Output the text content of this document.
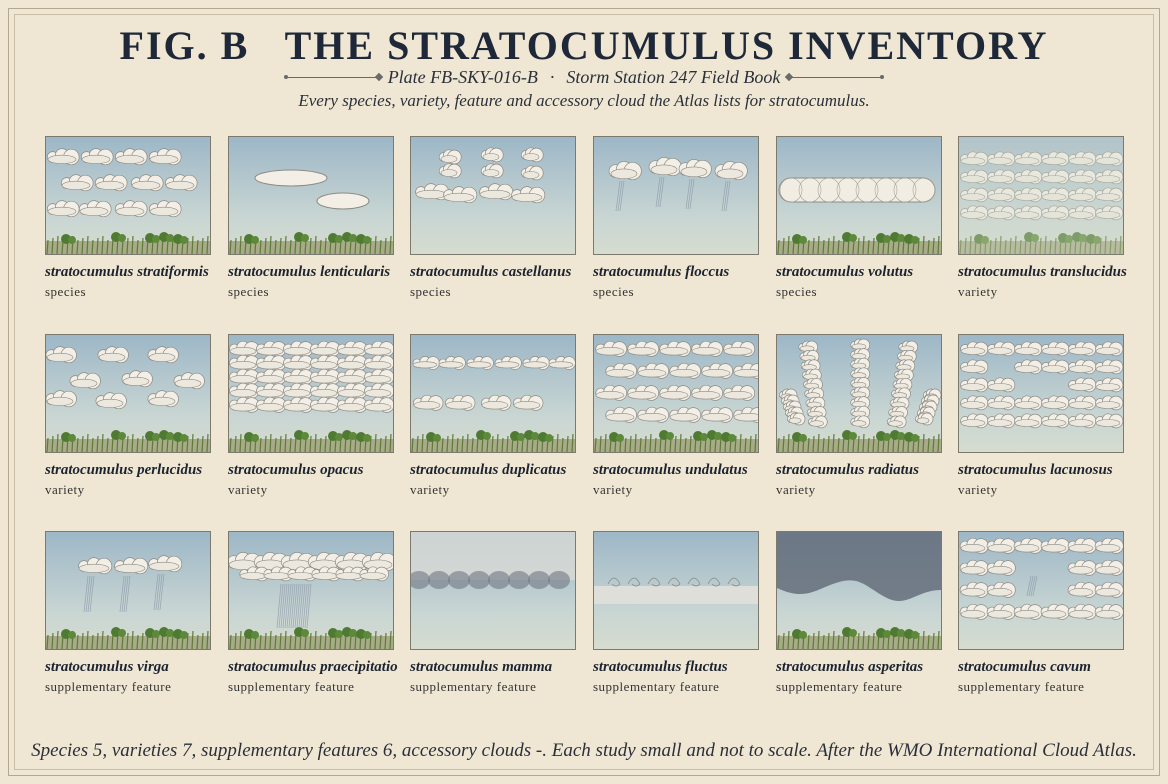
FIG. B   THE STRATOCUMULUS INVENTORY
Plate FB-SKY-016-B · Storm Station 247 Field Book
Every species, variety, feature and accessory cloud the Atlas lists for stratocumulus.
stratocumulus stratiformis
species
stratocumulus lenticularis
species
stratocumulus castellanus
species
stratocumulus floccus
species
stratocumulus volutus
species
stratocumulus translucidus
variety
stratocumulus perlucidus
variety
stratocumulus opacus
variety
stratocumulus duplicatus
variety
stratocumulus undulatus
variety
stratocumulus radiatus
variety
stratocumulus lacunosus
variety
stratocumulus virga
supplementary feature
stratocumulus praecipitatio
supplementary feature
stratocumulus mamma
supplementary feature
stratocumulus fluctus
supplementary feature
stratocumulus asperitas
supplementary feature
stratocumulus cavum
supplementary feature
Species 5, varieties 7, supplementary features 6, accessory clouds -. Each study small and not to scale. After the WMO International Cloud Atlas.
